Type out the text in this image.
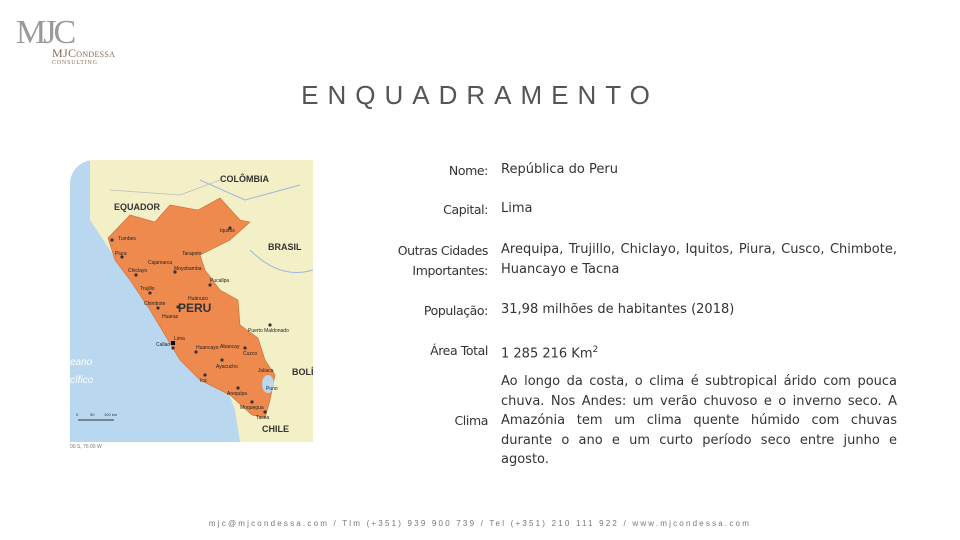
MJC
MJCondessa
CONSULTING
ENQUADRAMENTO
COLÔMBIA
EQUADOR
BRASIL
PERU
CHILE
BOLÍ
eano
cífico
Iquitos
Tumbes
Piura
Chiclayo
Trujillo
Chimbote
Huaraz
Moyobamba
Pucallpa
Callao
Lima
Huancayo
Ica
Cuzco
Puerto Maldonado
Ayacucho
Arequipa
Moquegua
Tacna
Juliaca
Puno
Tarapoto
Cajamarca
Huánuco
Abancay
0	50 100 km
00 S, 76 00 W
Nome: República do Peru
Capital: Lima
Outras Cidades
Importantes:
Arequipa, Trujillo, Chiclayo, Iquitos, Piura, Cusco, Chimbote, Huancayo e Tacna
População: 31,98 milhões de habitantes (2018)
Área Total 1 285 216 Km$^2$
Clima
Ao longo da costa, o clima é subtropical árido com pouca chuva. Nos Andes: um verão chuvoso e o inverno seco. A Amazónia tem um clima quente húmido com chuvas durante o ano e um curto período seco entre junho e agosto.
mjc@mjcondessa.com / Tlm (+351) 939 900 739 / Tel (+351) 210 111 922 / www.mjcondessa.com
